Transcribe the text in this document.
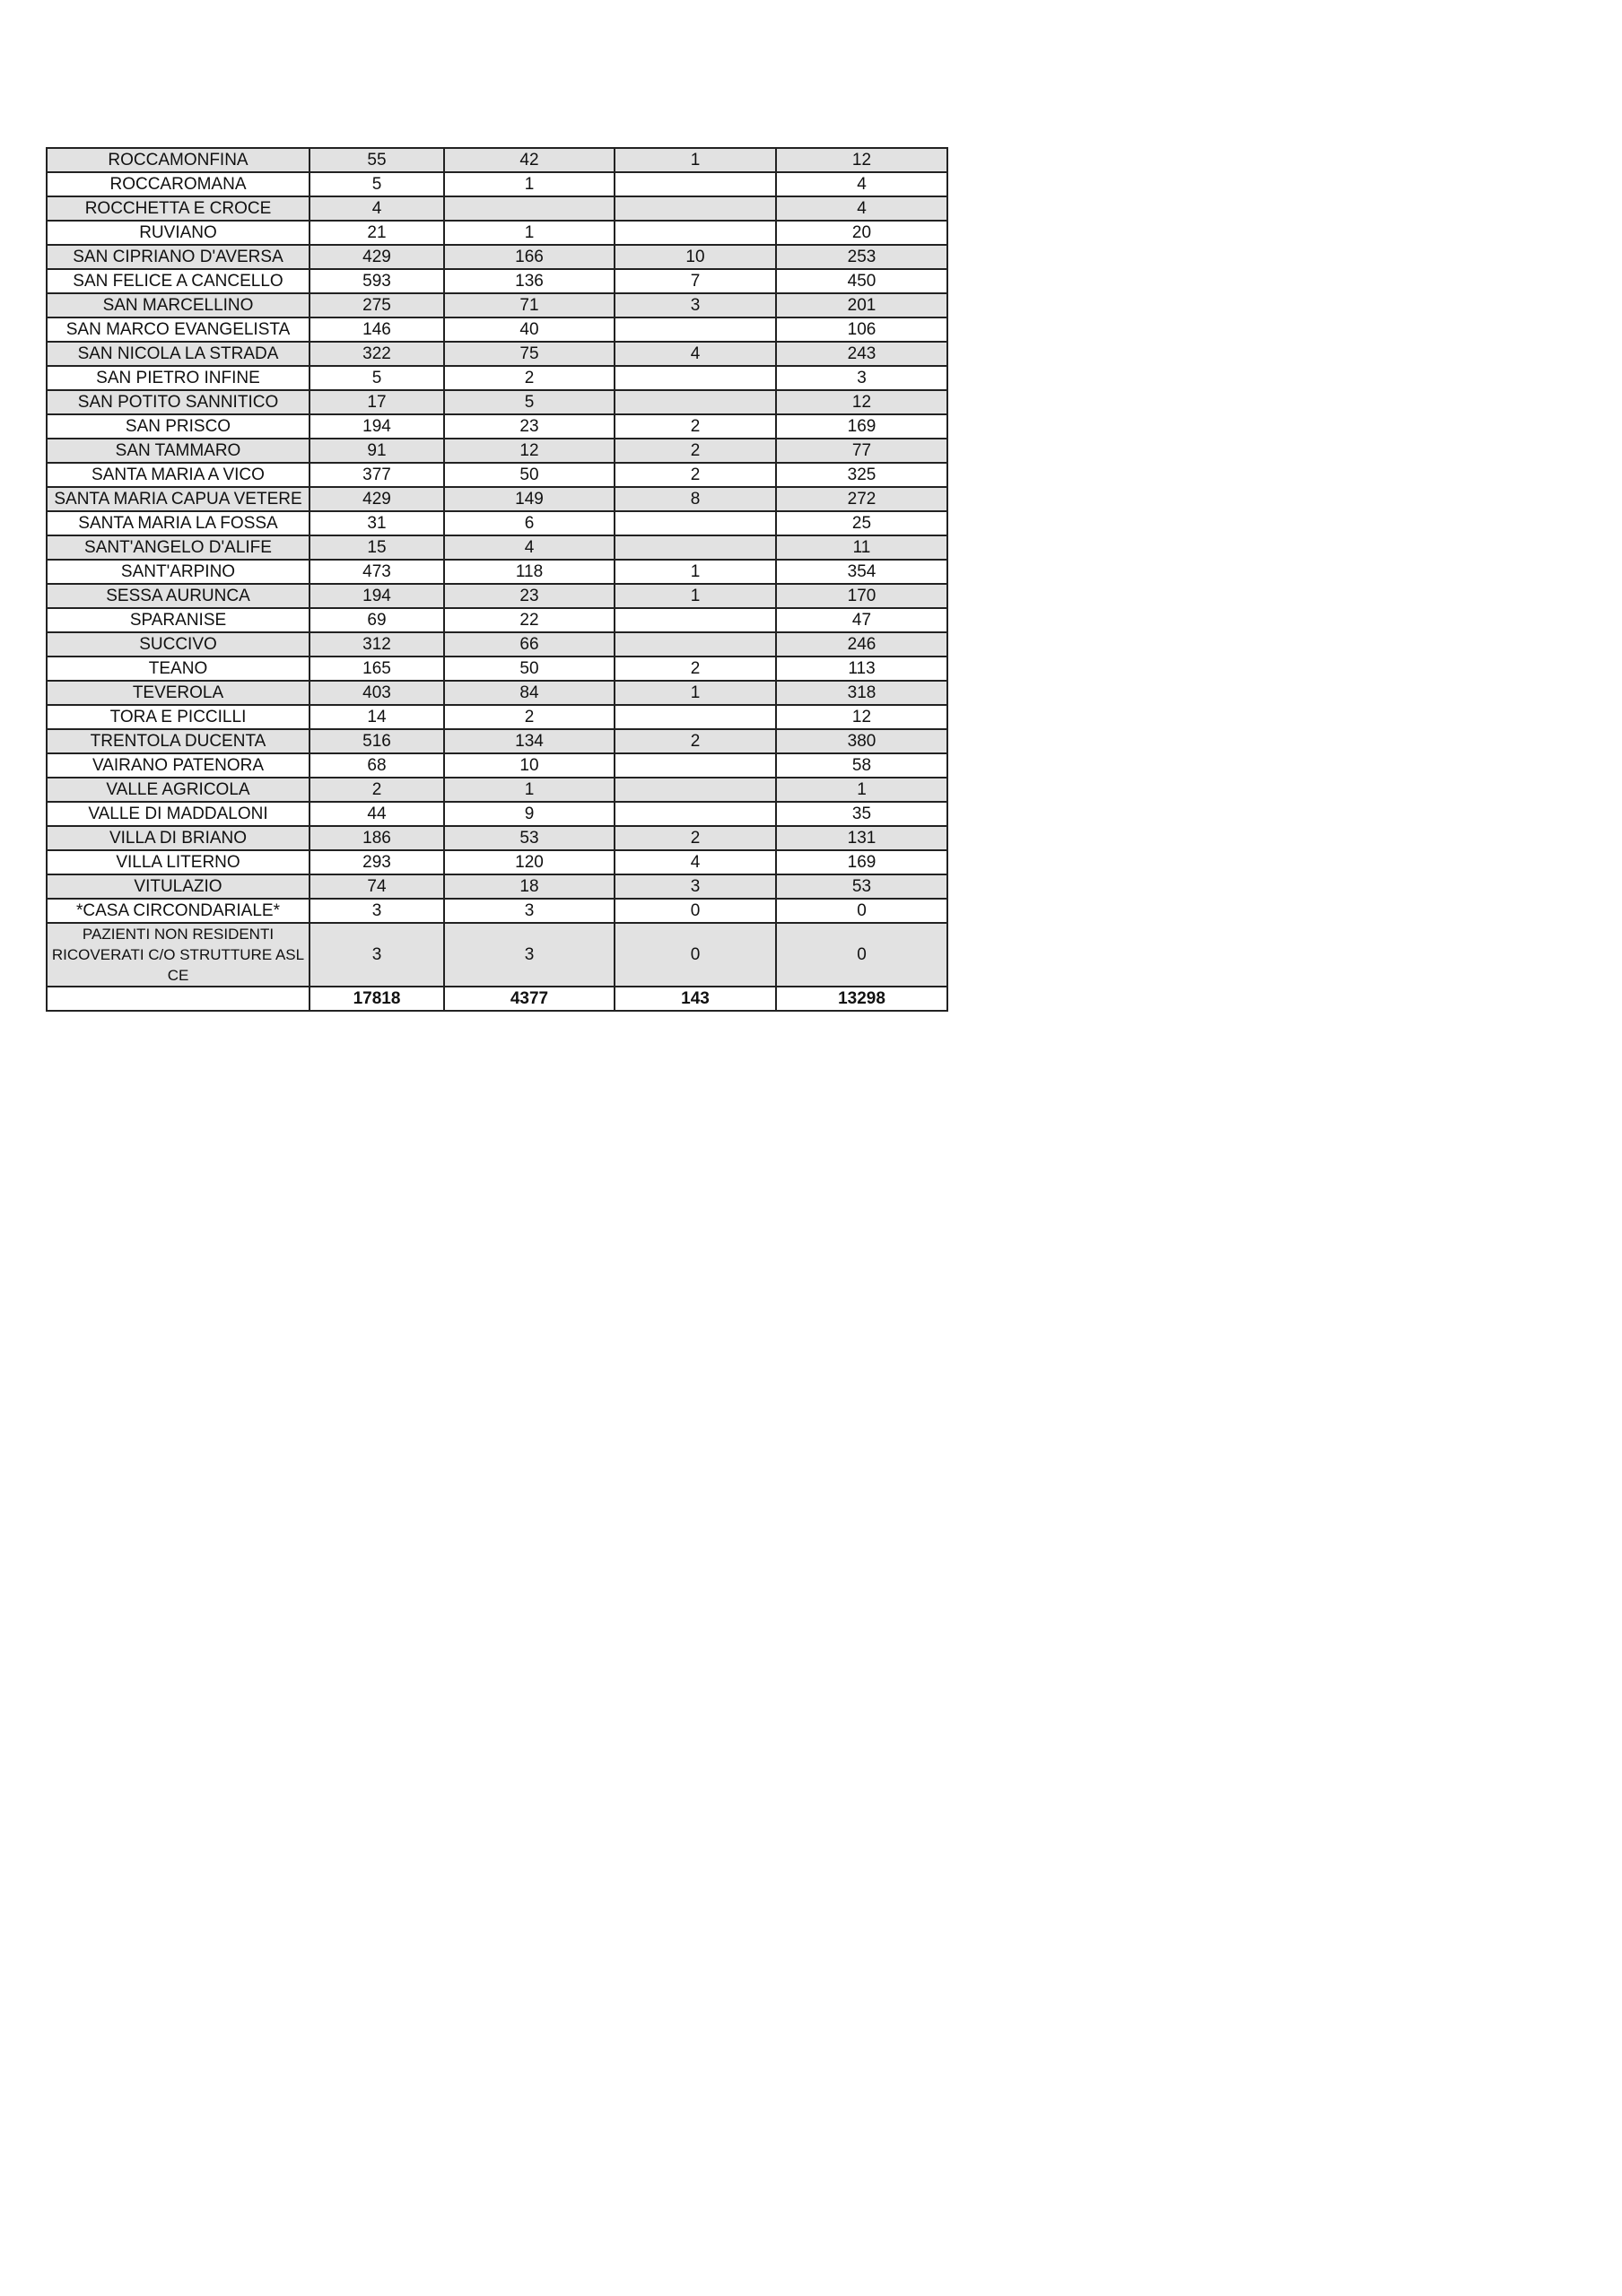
ROCCAMONFINA	55	42	1	12
ROCCAROMANA	5	1		4
ROCCHETTA E CROCE	4			4
RUVIANO	21	1		20
SAN CIPRIANO D'AVERSA	429	166	10	253
SAN FELICE A CANCELLO	593	136	7	450
SAN MARCELLINO	275	71	3	201
SAN MARCO EVANGELISTA	146	40		106
SAN NICOLA LA STRADA	322	75	4	243
SAN PIETRO INFINE	5	2		3
SAN POTITO SANNITICO	17	5		12
SAN PRISCO	194	23	2	169
SAN TAMMARO	91	12	2	77
SANTA MARIA A VICO	377	50	2	325
SANTA MARIA CAPUA VETERE	429	149	8	272
SANTA MARIA LA FOSSA	31	6		25
SANT'ANGELO D'ALIFE	15	4		11
SANT'ARPINO	473	118	1	354
SESSA AURUNCA	194	23	1	170
SPARANISE	69	22		47
SUCCIVO	312	66		246
TEANO	165	50	2	113
TEVEROLA	403	84	1	318
TORA E PICCILLI	14	2		12
TRENTOLA DUCENTA	516	134	2	380
VAIRANO PATENORA	68	10		58
VALLE AGRICOLA	2	1		1
VALLE DI MADDALONI	44	9		35
VILLA DI BRIANO	186	53	2	131
VILLA LITERNO	293	120	4	169
VITULAZIO	74	18	3	53
*CASA CIRCONDARIALE*	3	3	0	0
PAZIENTI NON RESIDENTI RICOVERATI C/O STRUTTURE ASL CE	3	3	0	0
	17818	4377	143	13298
